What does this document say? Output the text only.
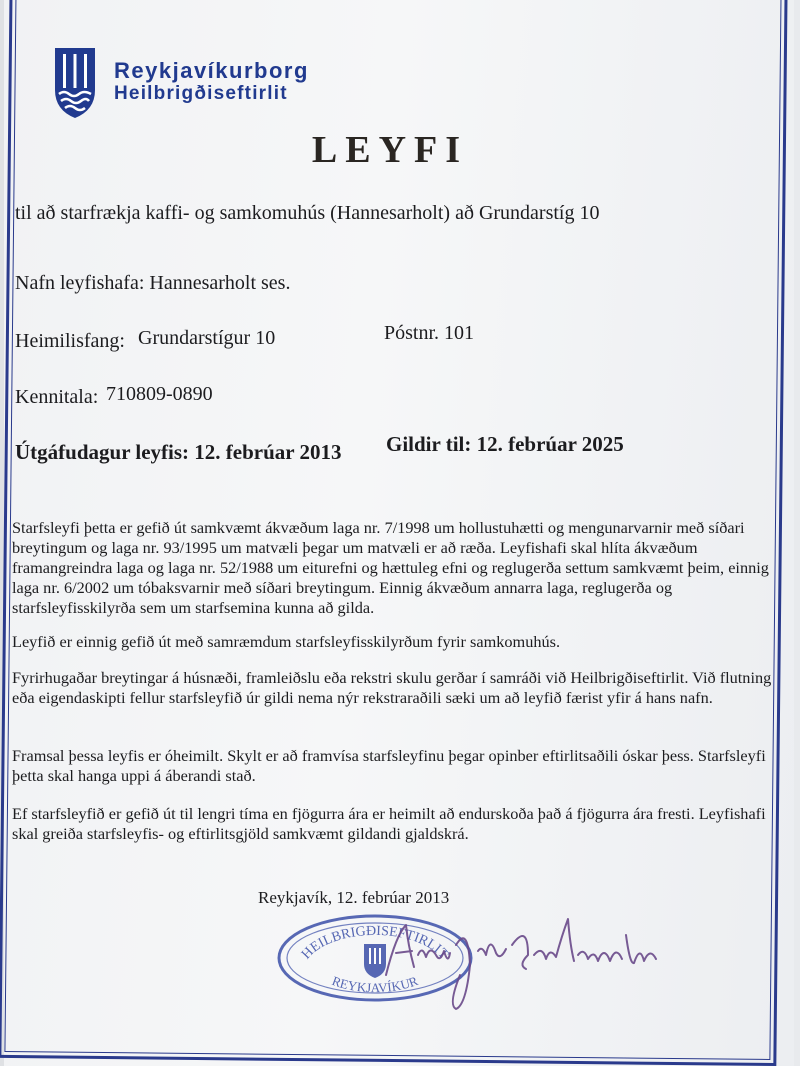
Reykjavíkurborg
Heilbrigðiseftirlit
LEYFI
til að starfrækja kaffi- og samkomuhús (Hannesarholt) að Grundarstíg 10
Nafn leyfishafa: Hannesarholt ses.
Heimilisfang: Grundarstígur 10	Póstnr. 101
Kennitala: 710809-0890
Útgáfudagur leyfis: 12. febrúar 2013 Gildir til: 12. febrúar 2025
Starfsleyfi þetta er gefið út samkvæmt ákvæðum laga nr. 7/1998 um hollustuhætti og mengunarvarnir með síðari breytingum og laga nr. 93/1995 um matvæli þegar um matvæli er að ræða. Leyfishafi skal hlíta ákvæðum framangreindra laga og laga nr. 52/1988 um eiturefni og hættuleg efni og reglugerða settum samkvæmt þeim, einnig laga nr. 6/2002 um tóbaksvarnir með síðari breytingum. Einnig ákvæðum annarra laga, reglugerða og starfsleyfisskilyrða sem um starfsemina kunna að gilda.
Leyfið er einnig gefið út með samræmdum starfsleyfisskilyrðum fyrir samkomuhús.
Fyrirhugaðar breytingar á húsnæði, framleiðslu eða rekstri skulu gerðar í samráði við Heilbrigðiseftirlit. Við flutning eða eigendaskipti fellur starfsleyfið úr gildi nema nýr rekstraraðili sæki um að leyfið færist yfir á hans nafn.
Framsal þessa leyfis er óheimilt. Skylt er að framvísa starfsleyfinu þegar opinber eftirlitsaðili óskar þess. Starfsleyfi þetta skal hanga uppi á áberandi stað.
Ef starfsleyfið er gefið út til lengri tíma en fjögurra ára er heimilt að endurskoða það á fjögurra ára fresti. Leyfishafi skal greiða starfsleyfis- og eftirlitsgjöld samkvæmt gildandi gjaldskrá.
Reykjavík, 12. febrúar 2013
HEILBRIGÐISEFTIRLIT
REYKJAVÍKUR
